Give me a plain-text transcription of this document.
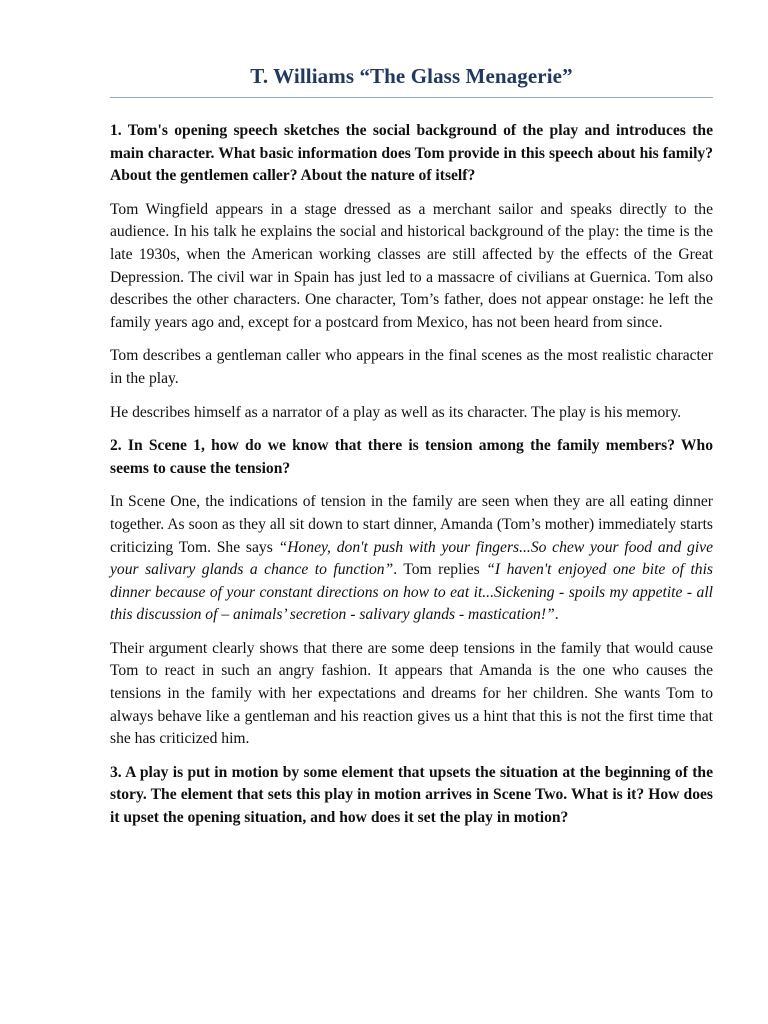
T. Williams “The Glass Menagerie”

1. Tom's opening speech sketches the social background of the play and introduces the main character. What basic information does Tom provide in this speech about his family? About the gentlemen caller? About the nature of itself?

Tom Wingfield appears in a stage dressed as a merchant sailor and speaks directly to the audience. In his talk he explains the social and historical background of the play: the time is the late 1930s, when the American working classes are still affected by the effects of the Great Depression. The civil war in Spain has just led to a massacre of civilians at Guernica. Tom also describes the other characters. One character, Tom’s father, does not appear onstage: he left the family years ago and, except for a postcard from Mexico, has not been heard from since.

Tom describes a gentleman caller who appears in the final scenes as the most realistic character in the play.

He describes himself as a narrator of a play as well as its character. The play is his memory.

2. In Scene 1, how do we know that there is tension among the family members? Who seems to cause the tension?

In Scene One, the indications of tension in the family are seen when they are all eating dinner together. As soon as they all sit down to start dinner, Amanda (Tom’s mother) immediately starts criticizing Tom. She says “Honey, don't push with your fingers...So chew your food and give your salivary glands a chance to function”. Tom replies “I haven't enjoyed one bite of this dinner because of your constant directions on how to eat it...Sickening - spoils my appetite - all this discussion of – animals’ secretion - salivary glands - mastication!”.

Their argument clearly shows that there are some deep tensions in the family that would cause Tom to react in such an angry fashion. It appears that Amanda is the one who causes the tensions in the family with her expectations and dreams for her children. She wants Tom to always behave like a gentleman and his reaction gives us a hint that this is not the first time that she has criticized him.

3. A play is put in motion by some element that upsets the situation at the beginning of the story. The element that sets this play in motion arrives in Scene Two. What is it? How does it upset the opening situation, and how does it set the play in motion?
